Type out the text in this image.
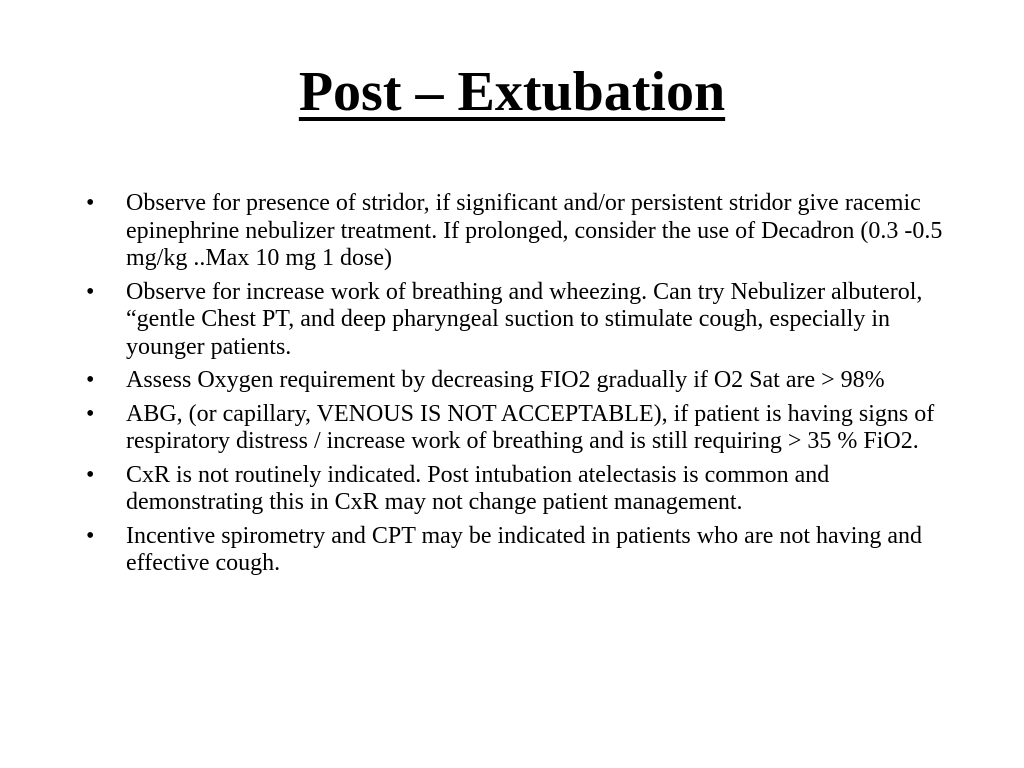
Post – Extubation
• Observe for presence of stridor, if significant and/or persistent stridor give racemic epinephrine nebulizer treatment. If prolonged, consider the use of Decadron (0.3 -0.5 mg/kg ..Max 10 mg 1 dose)
• Observe for increase work of breathing and wheezing. Can try Nebulizer albuterol, “gentle Chest PT, and deep pharyngeal suction to stimulate cough, especially in younger patients.
• Assess Oxygen requirement by decreasing FIO2 gradually if O2 Sat are > 98%
• ABG, (or capillary, VENOUS IS NOT ACCEPTABLE), if patient is having signs of respiratory distress / increase work of breathing and is still requiring > 35 % FiO2.
• CxR is not routinely indicated. Post intubation atelectasis is common and demonstrating this in CxR may not change patient management.
• Incentive spirometry and CPT may be indicated in patients who are not having and effective cough.
